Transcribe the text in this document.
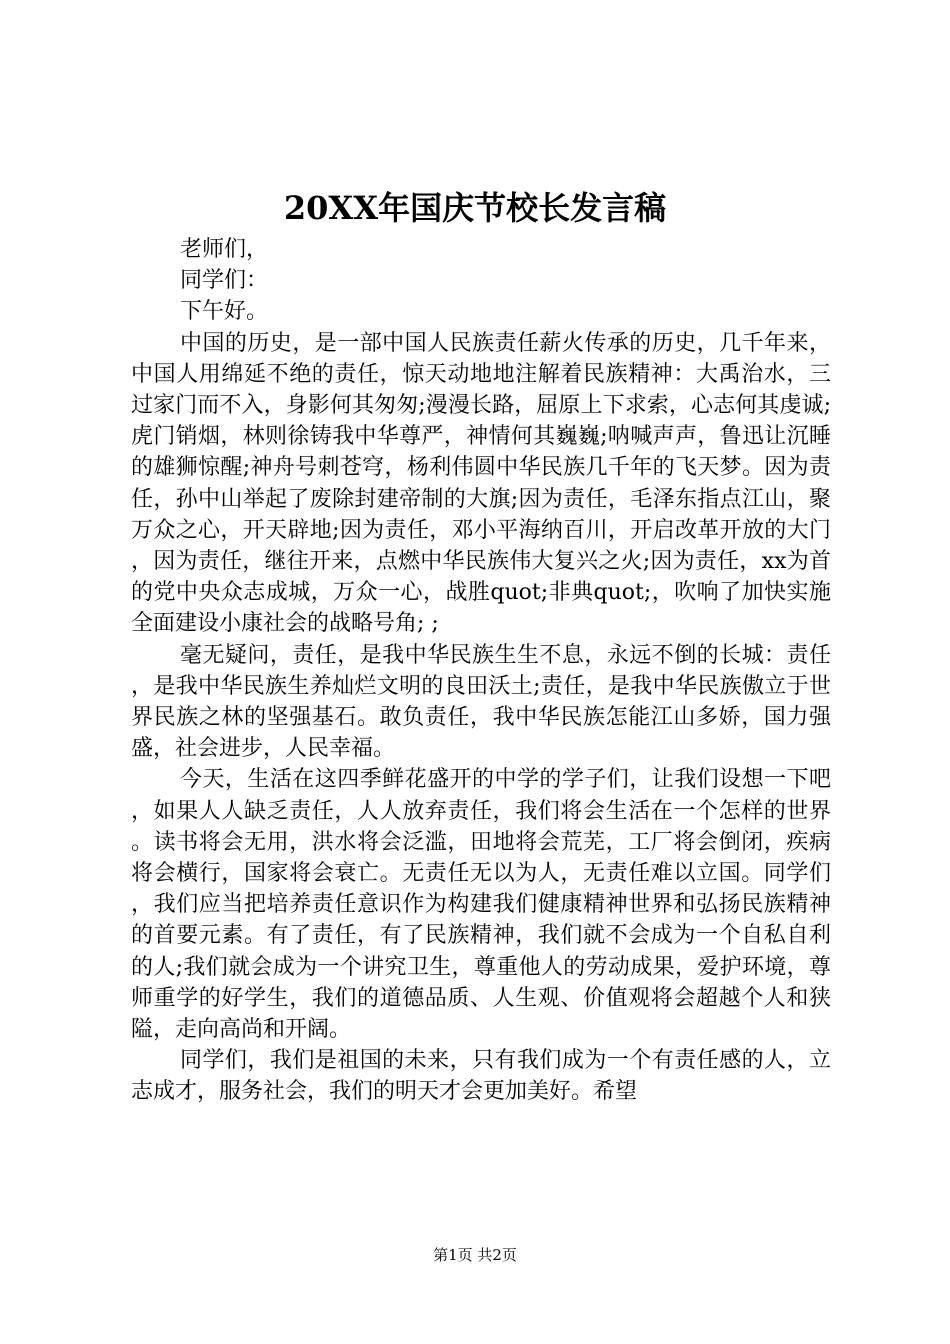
20XX年国庆节校长发言稿

老师们，

同学们：

下午好。

中国的历史，是一部中国人民族责任薪火传承的历史，几千年来，中国人用绵延不绝的责任，惊天动地地注解着民族精神：大禹治水，三过家门而不入，身影何其匆匆;漫漫长路，屈原上下求索，心志何其虔诚;虎门销烟，林则徐铸我中华尊严，神情何其巍巍;呐喊声声，鲁迅让沉睡的雄狮惊醒;神舟号刺苍穹，杨利伟圆中华民族几千年的飞天梦。因为责任，孙中山举起了废除封建帝制的大旗;因为责任，毛泽东指点江山，聚万众之心，开天辟地;因为责任，邓小平海纳百川，开启改革开放的大门，因为责任，继往开来，点燃中华民族伟大复兴之火;因为责任，xx为首的党中央众志成城，万众一心，战胜quot;非典quot;，吹响了加快实施全面建设小康社会的战略号角; ;

毫无疑问，责任，是我中华民族生生不息，永远不倒的长城：责任，是我中华民族生养灿烂文明的良田沃土;责任，是我中华民族傲立于世界民族之林的坚强基石。敢负责任，我中华民族怎能江山多娇，国力强盛，社会进步，人民幸福。

今天，生活在这四季鲜花盛开的中学的学子们，让我们设想一下吧，如果人人缺乏责任，人人放弃责任，我们将会生活在一个怎样的世界。读书将会无用，洪水将会泛滥，田地将会荒芜，工厂将会倒闭，疾病将会横行，国家将会衰亡。无责任无以为人，无责任难以立国。同学们，我们应当把培养责任意识作为构建我们健康精神世界和弘扬民族精神的首要元素。有了责任，有了民族精神，我们就不会成为一个自私自利的人;我们就会成为一个讲究卫生，尊重他人的劳动成果，爱护环境，尊师重学的好学生，我们的道德品质、人生观、价值观将会超越个人和狭隘，走向高尚和开阔。

同学们，我们是祖国的未来，只有我们成为一个有责任感的人，立志成才，服务社会，我们的明天才会更加美好。希望

第1页 共2页
